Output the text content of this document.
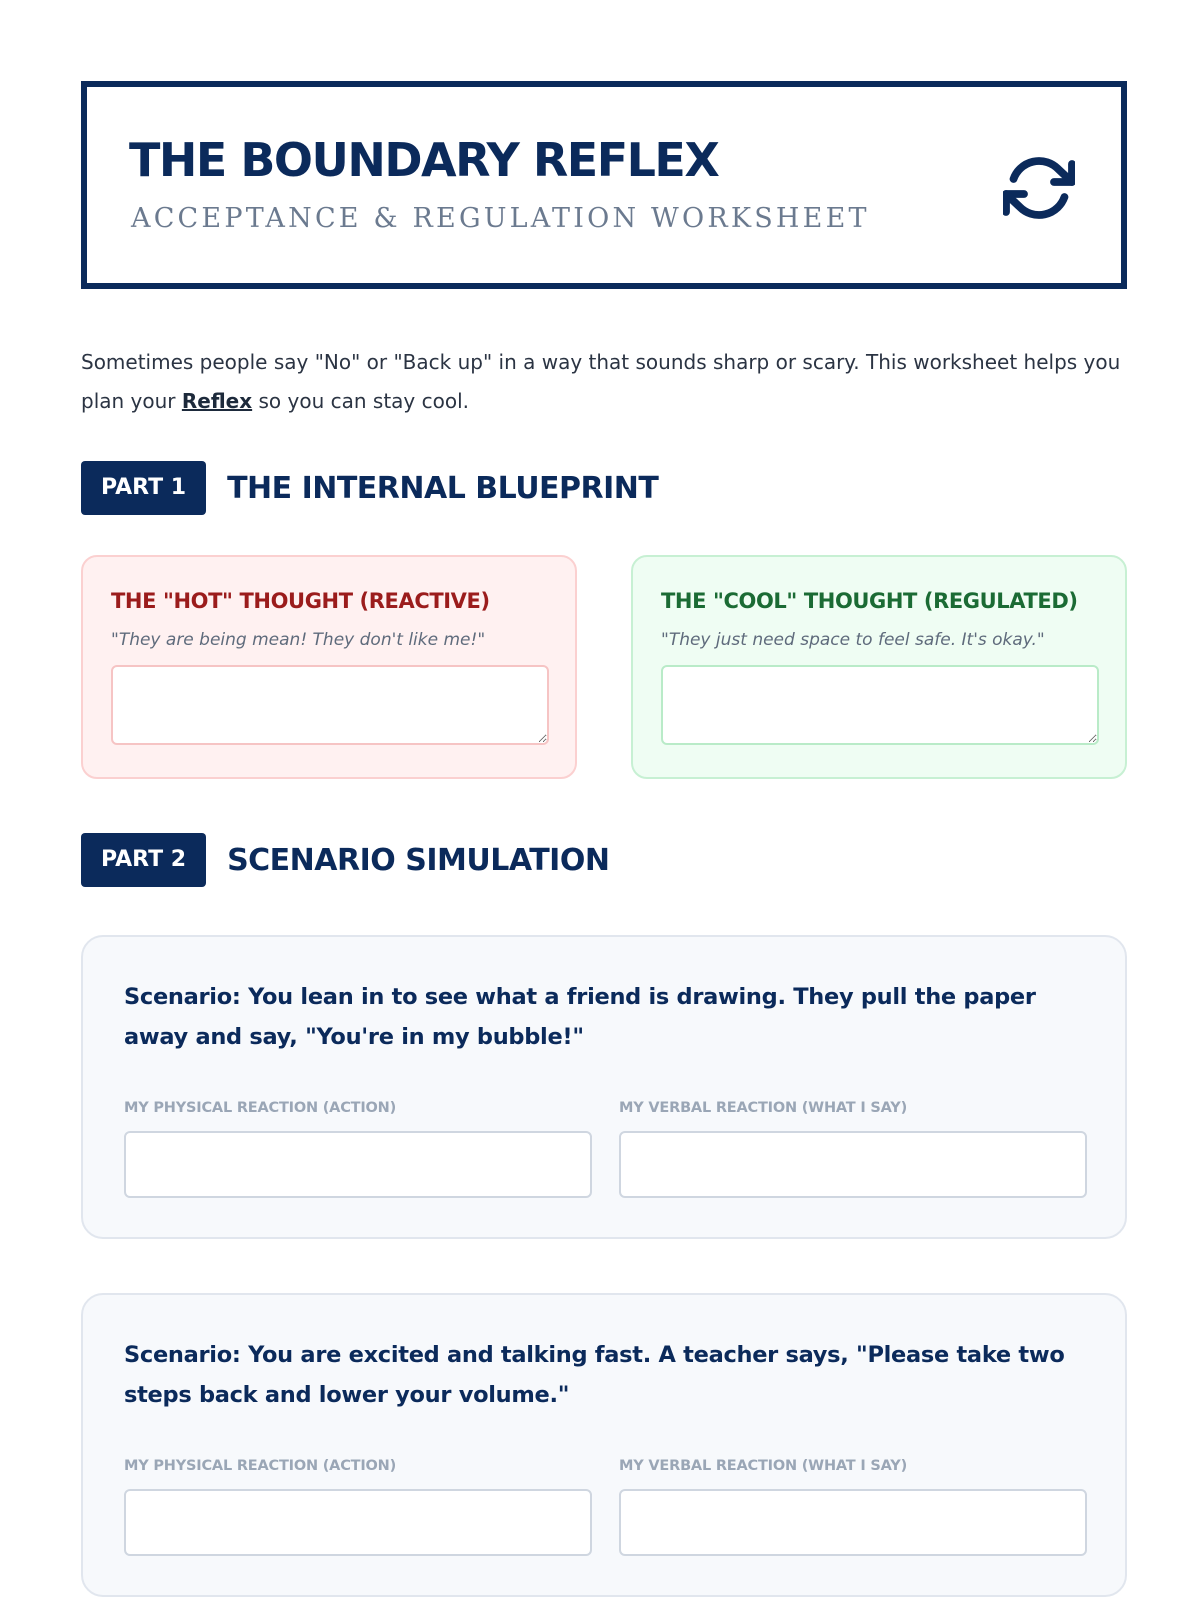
THE BOUNDARY REFLEX
ACCEPTANCE & REGULATION WORKSHEET
Sometimes people say "No" or "Back up" in a way that sounds sharp or scary. This worksheet helps you plan your Reflex so you can stay cool.
PART 1	THE INTERNAL BLUEPRINT
THE "HOT" THOUGHT (REACTIVE)
"They are being mean! They don't like me!"
THE "COOL" THOUGHT (REGULATED)
"They just need space to feel safe. It's okay."
PART 2	SCENARIO SIMULATION
Scenario: You lean in to see what a friend is drawing. They pull the paper away and say, "You're in my bubble!"
MY PHYSICAL REACTION (ACTION)	MY VERBAL REACTION (WHAT I SAY)
Scenario: You are excited and talking fast. A teacher says, "Please take two steps back and lower your volume."
MY PHYSICAL REACTION (ACTION)	MY VERBAL REACTION (WHAT I SAY)
